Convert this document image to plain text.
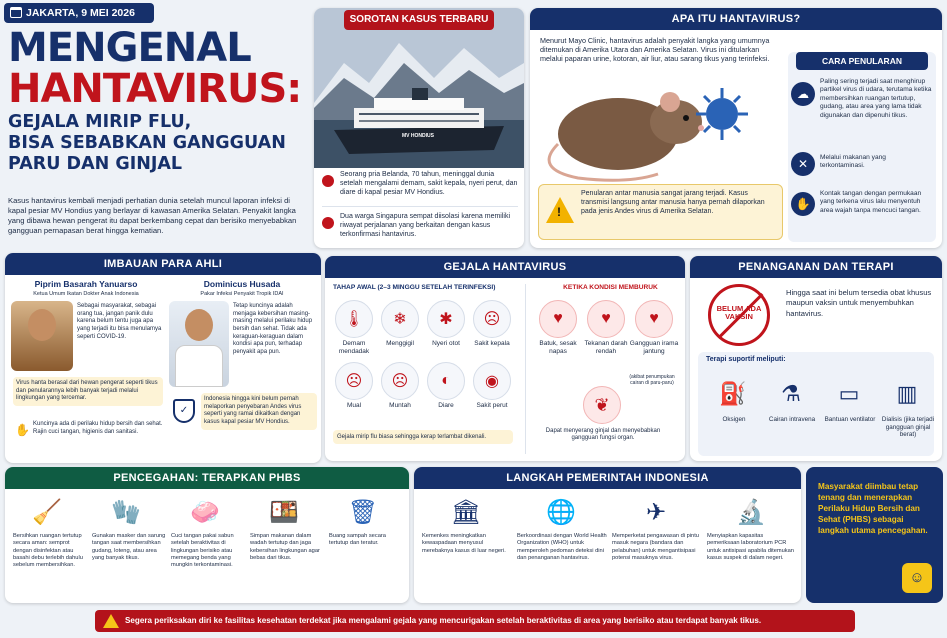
JAKARTA, 9 MEI 2026
MENGENAL
HANTAVIRUS:
GEJALA MIRIP FLU,
BISA SEBABKAN GANGGUAN
PARU DAN GINJAL
Kasus hantavirus kembali menjadi perhatian dunia setelah muncul laporan infeksi di kapal pesiar MV Hondius yang berlayar di kawasan Amerika Selatan. Penyakit langka yang dibawa hewan pengerat itu dapat berkembang cepat dan berisiko menyebabkan gangguan pernapasan berat hingga kematian.
SOROTAN KASUS TERBARU
MV HONDIUS
Seorang pria Belanda, 70 tahun, meninggal dunia setelah mengalami demam, sakit kepala, nyeri perut, dan diare di kapal pesiar MV Hondius.
Dua warga Singapura sempat diisolasi karena memiliki riwayat perjalanan yang berkaitan dengan kasus terkonfirmasi hantavirus.
APA ITU HANTAVIRUS?
Menurut Mayo Clinic, hantavirus adalah penyakit langka yang umumnya ditemukan di Amerika Utara dan Amerika Selatan. Virus ini ditularkan melalui paparan urine, kotoran, air liur, atau sarang tikus yang terinfeksi.
!
Penularan antar manusia sangat jarang terjadi. Kasus transmisi langsung antar manusia hanya pernah dilaporkan pada jenis Andes virus di Amerika Selatan.
CARA PENULARAN
☁
Paling sering terjadi saat menghirup partikel virus di udara, terutama ketika membersihkan ruangan tertutup, gudang, atau area yang lama tidak digunakan dan dipenuhi tikus.
✕	Melalui makanan yang terkontaminasi.
✋
Kontak tangan dengan permukaan yang terkena virus lalu menyentuh area wajah tanpa mencuci tangan.
IMBAUAN PARA AHLI
Piprim Basarah Yanuarso
Ketua Umum Ikatan Dokter Anak Indonesia
Sebagai masyarakat, sebagai orang tua, jangan panik dulu karena belum tentu juga apa yang terjadi itu bisa menulamya seperti COVID-19.
Virus hanta berasal dari hewan pengerat seperti tikus dan penularannya lebih banyak terjadi melalui lingkungan yang tercemar.
✋ Kuncinya ada di perilaku hidup bersih dan sehat. Rajin cuci tangan, higienis dan sanitasi.
Dominicus Husada
Pakar Infeksi Penyakit Tropik IDAI
Tetap kuncinya adalah menjaga kebersihan masing-masing melalui perilaku hidup bersih dan sehat. Tidak ada keraguan-keraguan dalam kondisi apa pun, terhadap penyakit apa pun.
✓
Indonesia hingga kini belum pernah melaporkan penyebaran Andes virus seperti yang ramai dikaitkan dengan kasus kapal pesiar MV Hondius.
GEJALA HANTAVIRUS
TAHAP AWAL (2–3 MINGGU SETELAH TERINFEKSI)
Gejala mirip flu biasa sehingga kerap terlambat dikenali.
KETIKA KONDISI MEMBURUK
(akibat penumpukan cairan di paru-paru)
❦
Dapat menyerang ginjal dan menyebabkan gangguan fungsi organ.
🌡
Demam mendadak
❄
Menggigil
✱
Nyeri otot
☹
Sakit kepala
☹
Mual
☹
Muntah
◐
Diare
◉
Sakit perut
♥
Batuk, sesak napas
♥
Tekanan darah rendah
♥
Gangguan irama jantung
PENANGANAN DAN TERAPI
BELUM ADA VAKSIN
Hingga saat ini belum tersedia obat khusus maupun vaksin untuk menyembuhkan hantavirus.
Terapi suportif meliputi:
⛽
Oksigen
⚗
Cairan intravena
▭
Bantuan ventilator
▥
Dialisis (jika terjadi gangguan ginjal berat)
PENCEGAHAN: TERAPKAN PHBS
🧹
Bersihkan ruangan tertutup secara aman: semprot dengan disinfektan atau basahi debu terlebih dahulu sebelum membersihkan.
🧤
Gunakan masker dan sarung tangan saat membersihkan gudang, loteng, atau area yang banyak tikus.
🧼
Cuci tangan pakai sabun setelah beraktivitas di lingkungan berisiko atau memegang benda yang mungkin terkontaminasi.
🍱
Simpan makanan dalam wadah tertutup dan jaga kebersihan lingkungan agar bebas dari tikus.
🗑
Buang sampah secara tertutup dan teratur.
LANGKAH PEMERINTAH INDONESIA
🏛
Kemenkes meningkatkan kewaspadaan menyusul merebaknya kasus di luar negeri.
🌐
Berkoordinasi dengan World Health Organization (WHO) untuk memperoleh pedoman deteksi dini dan penanganan hantavirus.
✈
Memperketat pengawasan di pintu masuk negara (bandara dan pelabuhan) untuk mengantisipasi potensi masuknya virus.
🔬
Menyiapkan kapasitas pemeriksaan laboratorium PCR untuk antisipasi apabila ditemukan kasus suspek di dalam negeri.
Masyarakat diimbau tetap tenang dan menerapkan Perilaku Hidup Bersih dan Sehat (PHBS) sebagai langkah utama pencegahan.
☺
Segera periksakan diri ke fasilitas kesehatan terdekat jika mengalami gejala yang mencurigakan setelah beraktivitas di area yang berisiko atau terdapat banyak tikus.
